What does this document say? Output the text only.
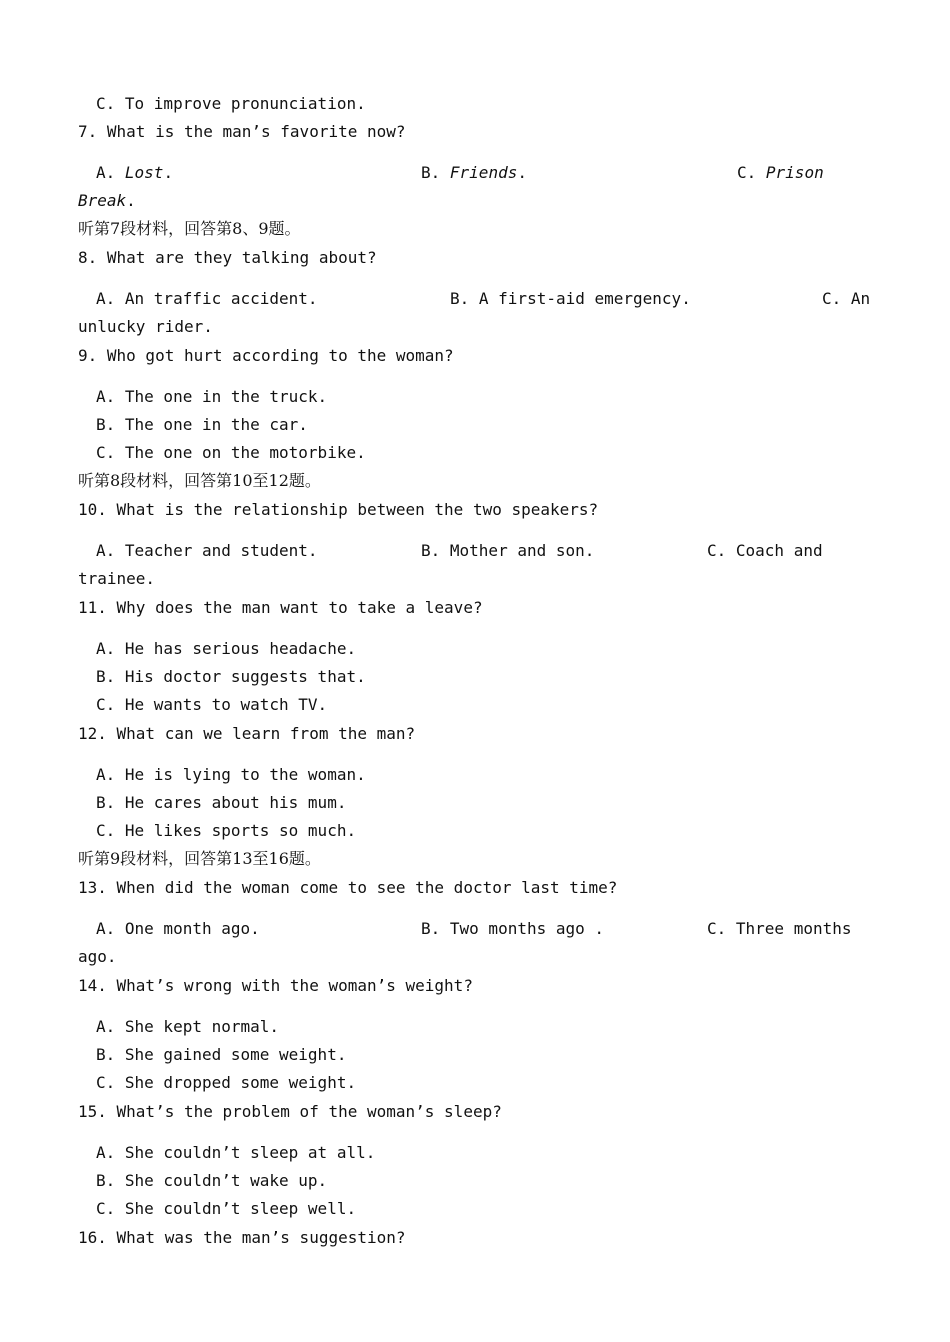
C. To improve pronunciation.
7. What is the man’s favorite now?
A. Lost.	B. Friends.	C. Prison
Break.
听第7段材料，回答第8、9题。
8. What are they talking about?
A. An traffic accident.	B. A first-aid emergency.	C. An
unlucky rider.
9. Who got hurt according to the woman?
A. The one in the truck.
B. The one in the car.
C. The one on the motorbike.
听第8段材料，回答第10至12题。
10. What is the relationship between the two speakers?
A. Teacher and student.	B. Mother and son.	C. Coach and
trainee.
11. Why does the man want to take a leave?
A. He has serious headache.
B. His doctor suggests that.
C. He wants to watch TV.
12. What can we learn from the man?
A. He is lying to the woman.
B. He cares about his mum.
C. He likes sports so much.
听第9段材料，回答第13至16题。
13. When did the woman come to see the doctor last time?
A. One month ago.	B. Two months ago .	C. Three months
ago.
14. What’s wrong with the woman’s weight?
A. She kept normal.
B. She gained some weight.
C. She dropped some weight.
15. What’s the problem of the woman’s sleep?
A. She couldn’t sleep at all.
B. She couldn’t wake up.
C. She couldn’t sleep well.
16. What was the man’s suggestion?
